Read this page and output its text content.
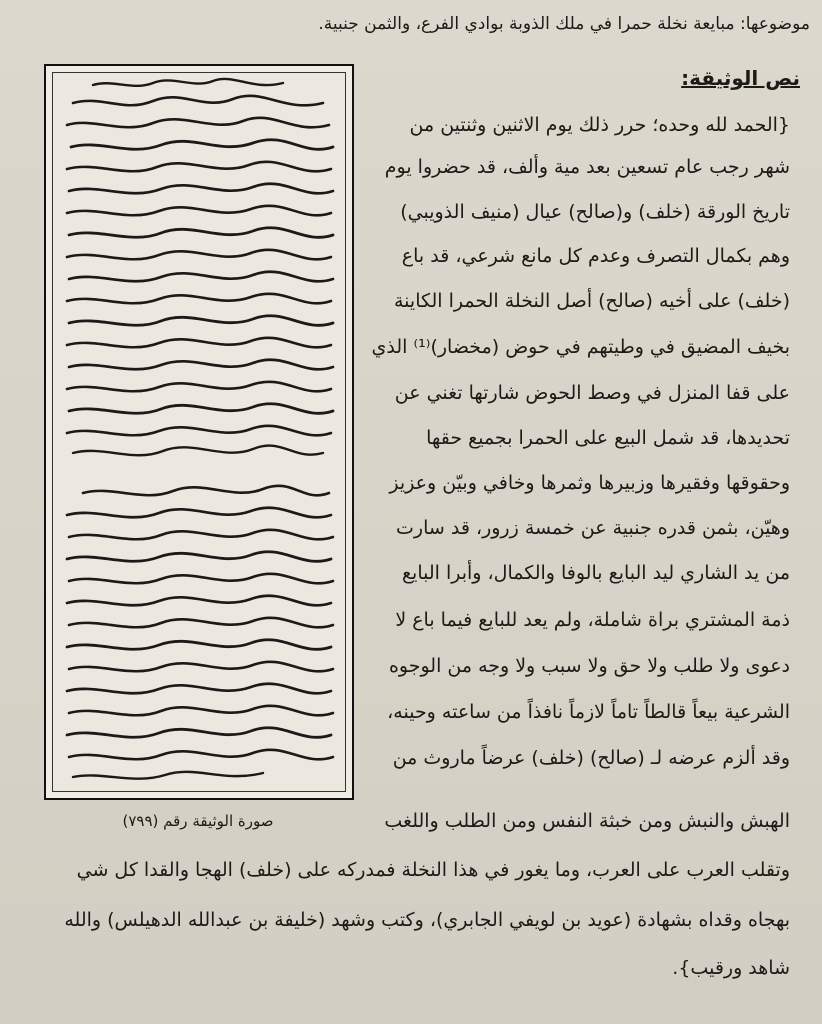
موضوعها: مبايعة نخلة حمرا في ملك الذوبة بوادي الفرع، والثمن جنبية.
نص الوثيقة:
صورة الوثيقة رقم (٧٩٩)
{الحمد لله وحده؛ حرر ذلك يوم الاثنين وثنتين من
شهر رجب عام تسعين بعد مية وألف، قد حضروا يوم
تاريخ الورقة (خلف) و(صالح) عيال (منيف الذويبي)
وهم بكمال التصرف وعدم كل مانع شرعي، قد باع
(خلف) على أخيه (صالح) أصل النخلة الحمرا الكاينة
بخيف المضيق في وطيتهم في حوض (مخضار)⁽¹⁾ الذي
على قفا المنزل في وصط الحوض شارتها تغني عن
تحديدها، قد شمل البيع على الحمرا بجميع حقها
وحقوقها وفقيرها وزبيرها وثمرها وخافي وبيّن وعزيز
وهيّن، بثمن قدره جنبية عن خمسة زرور، قد سارت
من يد الشاري ليد البايع بالوفا والكمال، وأبرا البايع
ذمة المشتري براة شاملة، ولم يعد للبايع فيما باع لا
دعوى ولا طلب ولا حق ولا سبب ولا وجه من الوجوه
الشرعية بيعاً قالطاً تاماً لازماً نافذاً من ساعته وحينه،
وقد ألزم عرضه لـ (صالح) (خلف) عرضاً ماروث من
الهبش والنبش ومن خبثة النفس ومن الطلب واللغب
وتقلب العرب على العرب، وما يغور في هذا النخلة فمدركه على (خلف) الهجا والقدا كل شي
بهجاه وقداه بشهادة (عويد بن لويفي الجابري)، وكتب وشهد (خليفة بن عبدالله الدهيلس) والله
شاهد ورقيب}.
